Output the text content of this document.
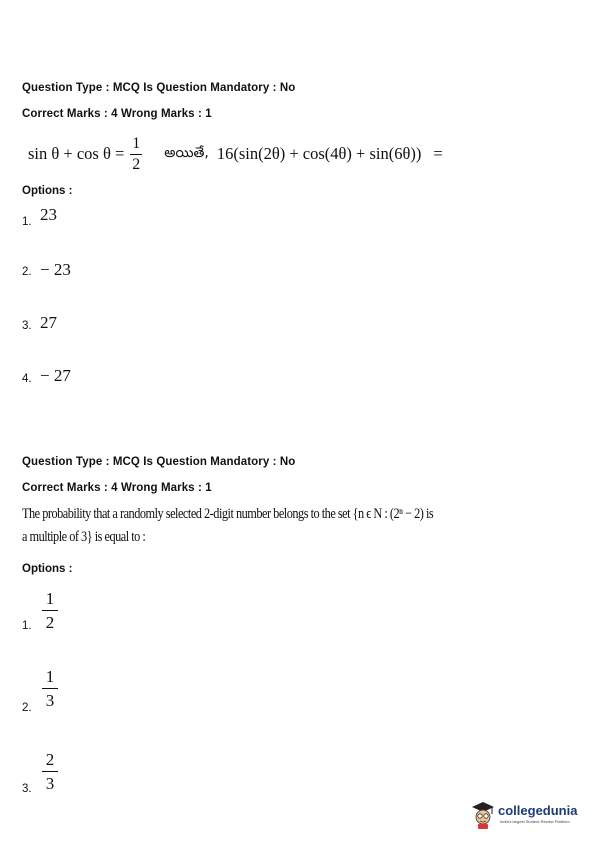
Question Type : MCQ Is Question Mandatory : No
Correct Marks : 4 Wrong Marks : 1
$\sin \theta + \cos \theta = \frac{1}{2}$ అయితే, 16(sin(2θ) + cos(4θ) + sin(6θ)) =
Options :
1. 23
2. − 23
3. 27
4. − 27
Question Type : MCQ Is Question Mandatory : No
Correct Marks : 4 Wrong Marks : 1
The probability that a randomly selected 2-digit number belongs to the set {n ϵ N : (2ⁿ − 2) is
a multiple of 3} is equal to :
Options :
1. $\frac{1}{2}$
2. $\frac{1}{3}$
3. $\frac{2}{3}$
collegedunia
India's largest Student Review Platform
